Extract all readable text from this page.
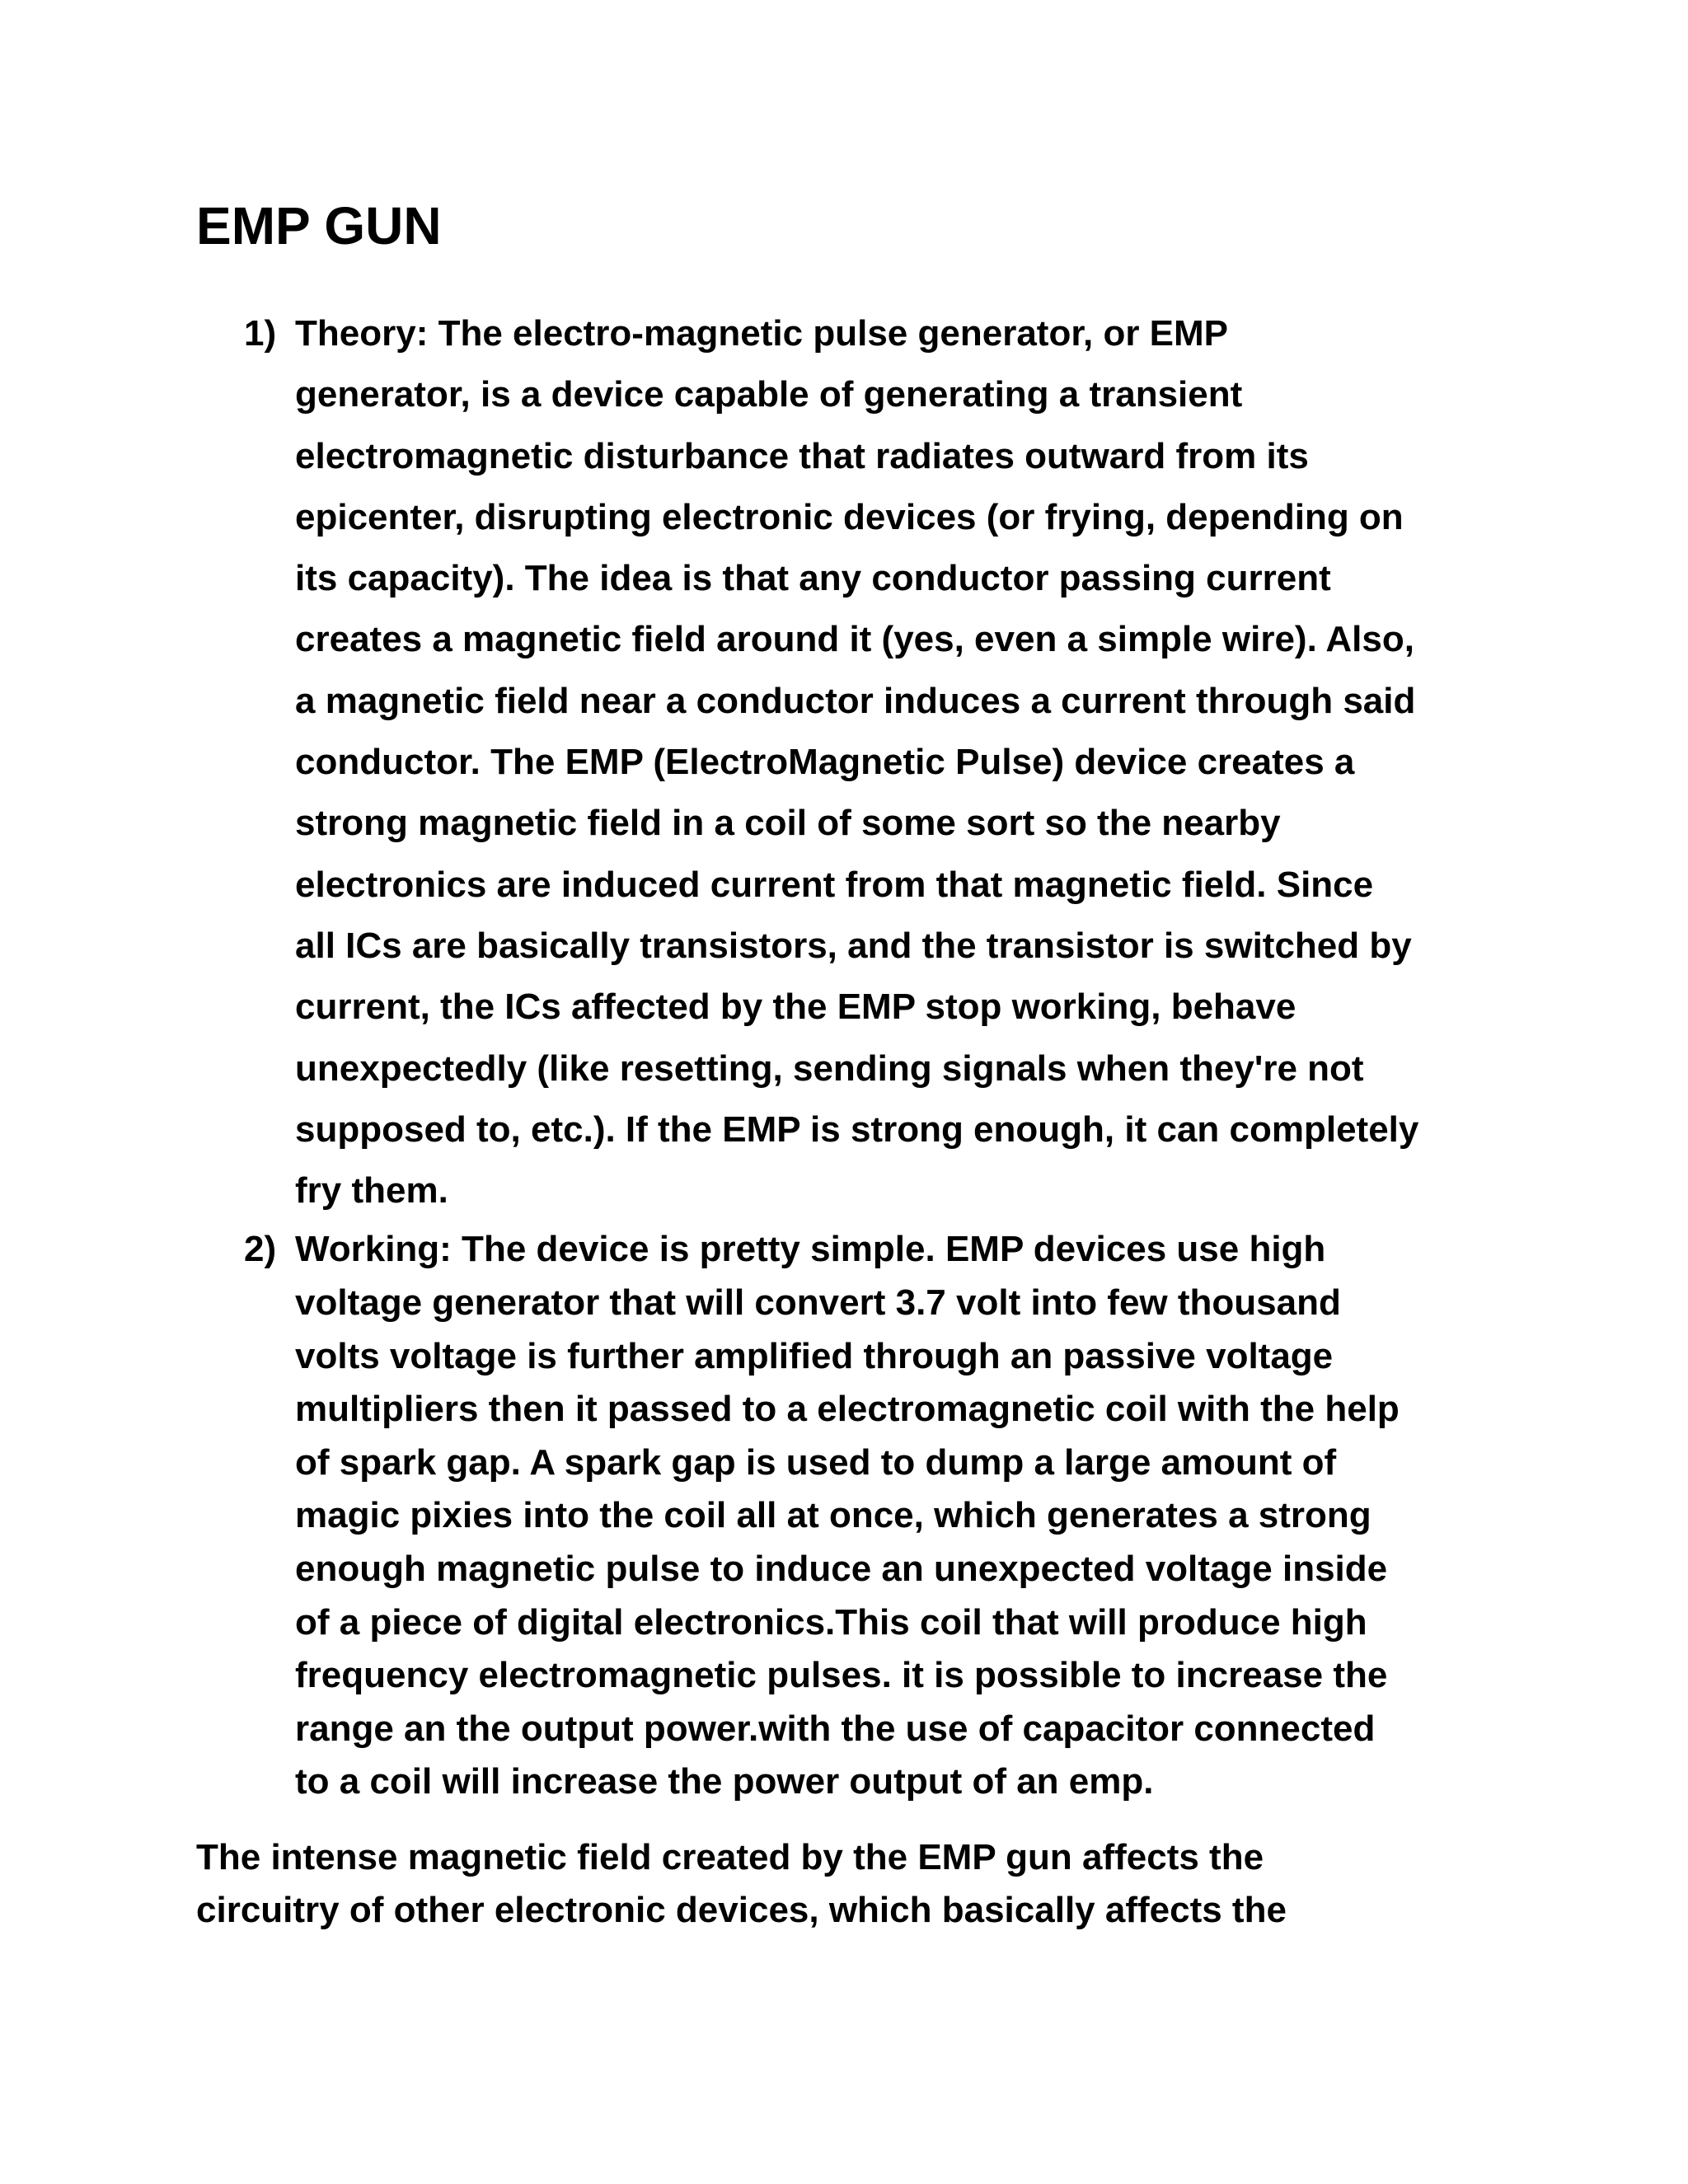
EMP GUN
1) Theory: The electro-magnetic pulse generator, or EMP
generator, is a device capable of generating a transient
electromagnetic disturbance that radiates outward from its
epicenter, disrupting electronic devices (or frying, depending on
its capacity). The idea is that any conductor passing current
creates a magnetic field around it (yes, even a simple wire). Also,
a magnetic field near a conductor induces a current through said
conductor. The EMP (ElectroMagnetic Pulse) device creates a
strong magnetic field in a coil of some sort so the nearby
electronics are induced current from that magnetic field. Since
all ICs are basically transistors, and the transistor is switched by
current, the ICs affected by the EMP stop working, behave
unexpectedly (like resetting, sending signals when they're not
supposed to, etc.). If the EMP is strong enough, it can completely
fry them.
2) Working: The device is pretty simple. EMP devices use high
voltage generator that will convert 3.7 volt into few thousand
volts voltage is further amplified through an passive voltage
multipliers then it passed to a electromagnetic coil with the help
of spark gap. A spark gap is used to dump a large amount of
magic pixies into the coil all at once, which generates a strong
enough magnetic pulse to induce an unexpected voltage inside
of a piece of digital electronics.This coil that will produce high
frequency electromagnetic pulses. it is possible to increase the
range an the output power.with the use of capacitor connected
to a coil will increase the power output of an emp.

The intense magnetic field created by the EMP gun affects the
circuitry of other electronic devices, which basically affects the
